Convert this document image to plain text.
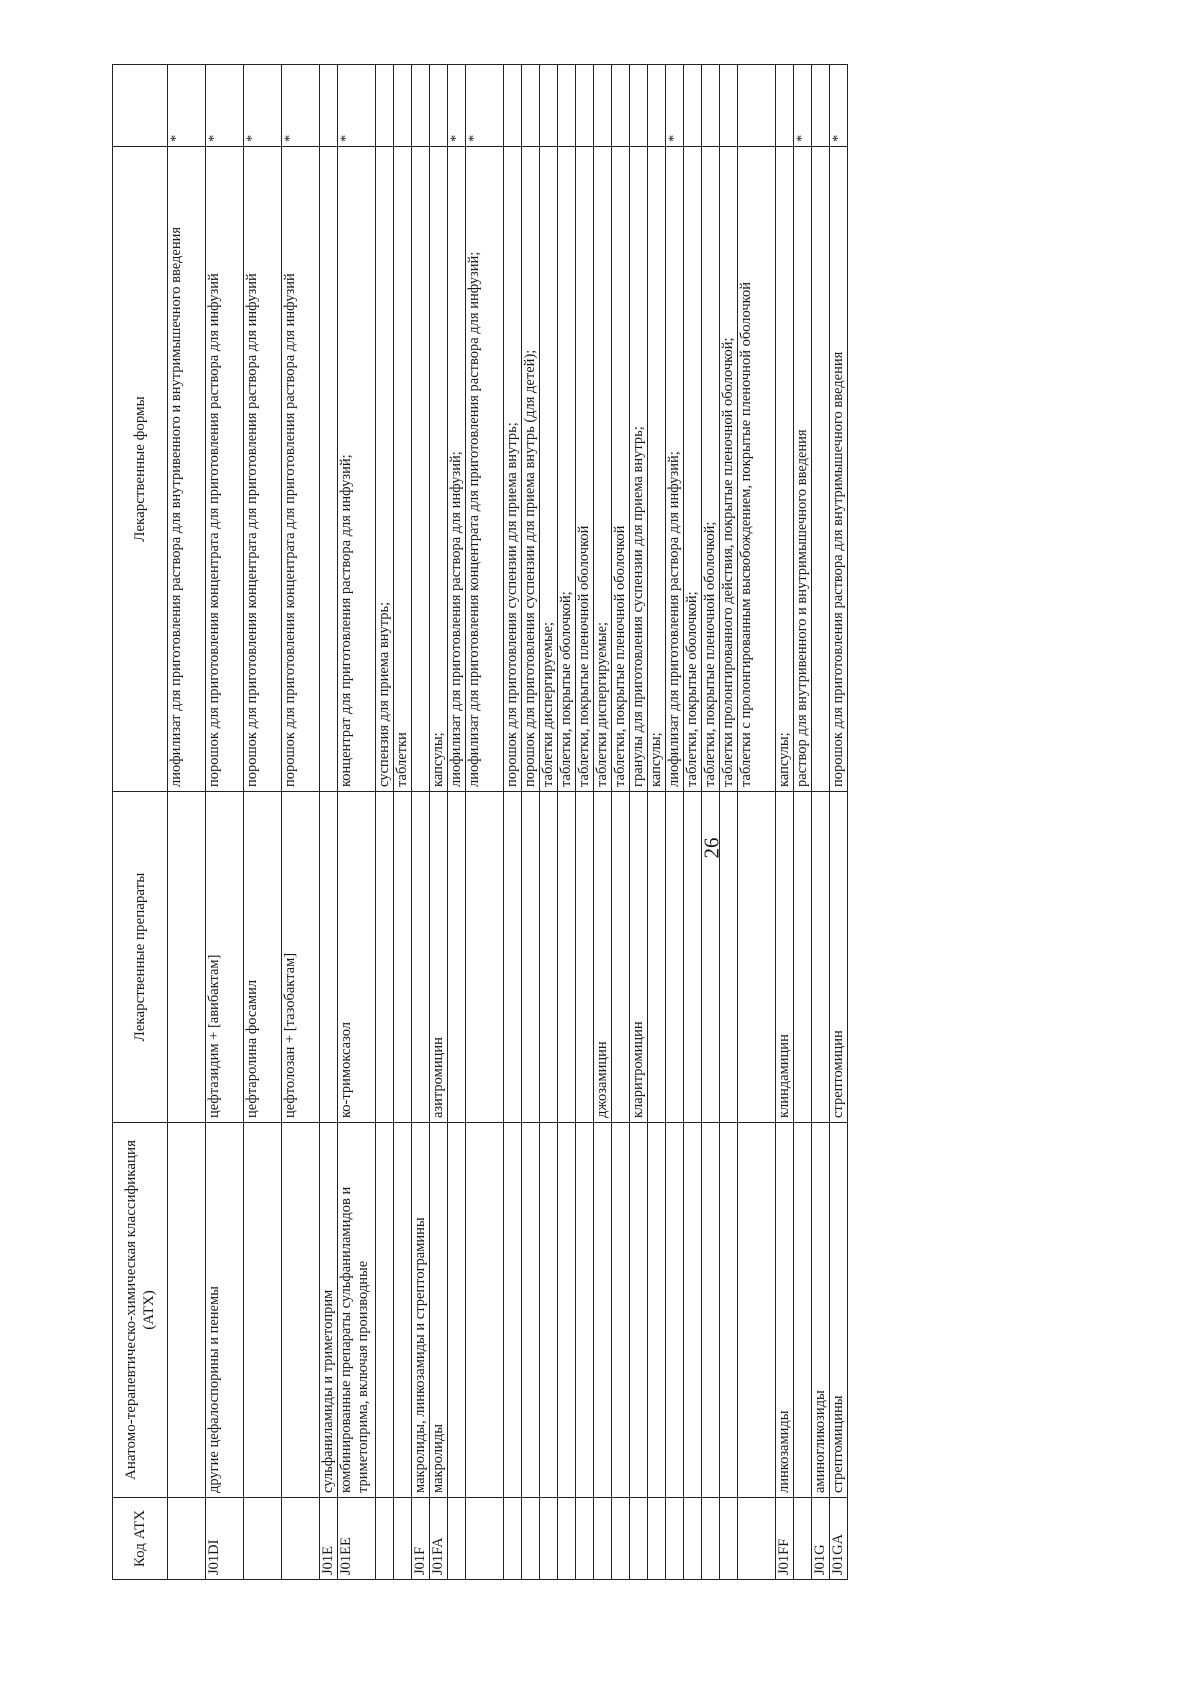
26
Код АТХ	Анатомо-терапевтическо-химическая классификация (АТХ)	Лекарственные препараты	Лекарственные формы	
			лиофилизат для приготовления раствора для внутривенного и внутримышечного введения	*
J01DI	другие цефалоспорины и пенемы	цефтазидим + [авибактам]	порошок для приготовления концентрата для приготовления раствора для инфузий	*
		цефтаролина фосамил	порошок для приготовления концентрата для приготовления раствора для инфузий	*
		цефтолозан + [тазобактам]	порошок для приготовления концентрата для приготовления раствора для инфузий	*
J01E	сульфаниламиды и триметоприм			
J01EE	комбинированные препараты сульфаниламидов и триметоприма, включая производные	ко-тримоксазол	концентрат для приготовления раствора для инфузий;	*
			суспензия для приема внутрь;	
			таблетки	
J01F	макролиды, линкозамиды и стрептограмины			
J01FA	макролиды	азитромицин	капсулы;	
			лиофилизат для приготовления раствора для инфузий;	*
			лиофилизат для приготовления концентрата для приготовления раствора для инфузий;	*
			порошок для приготовления суспензии для приема внутрь;	
			порошок для приготовления суспензии для приема внутрь (для детей);	
			таблетки диспергируемые;	
			таблетки, покрытые оболочкой;	
			таблетки, покрытые пленочной оболочкой	
		джозамицин	таблетки диспергируемые;	
			таблетки, покрытые пленочной оболочкой	
		кларитромицин	гранулы для приготовления суспензии для приема внутрь;	
			капсулы;	
			лиофилизат для приготовления раствора для инфузий;	*
			таблетки, покрытые оболочкой;	
			таблетки, покрытые пленочной оболочкой;	
			таблетки пролонгированного действия, покрытые пленочной оболочкой;	
			таблетки с пролонгированным высвобождением, покрытые пленочной оболочкой	
J01FF	линкозамиды	клиндамицин	капсулы;	
			раствор для внутривенного и внутримышечного введения	*
J01G	аминогликозиды			
J01GA	стрептомицины	стрептомицин	порошок для приготовления раствора для внутримышечного введения	*
